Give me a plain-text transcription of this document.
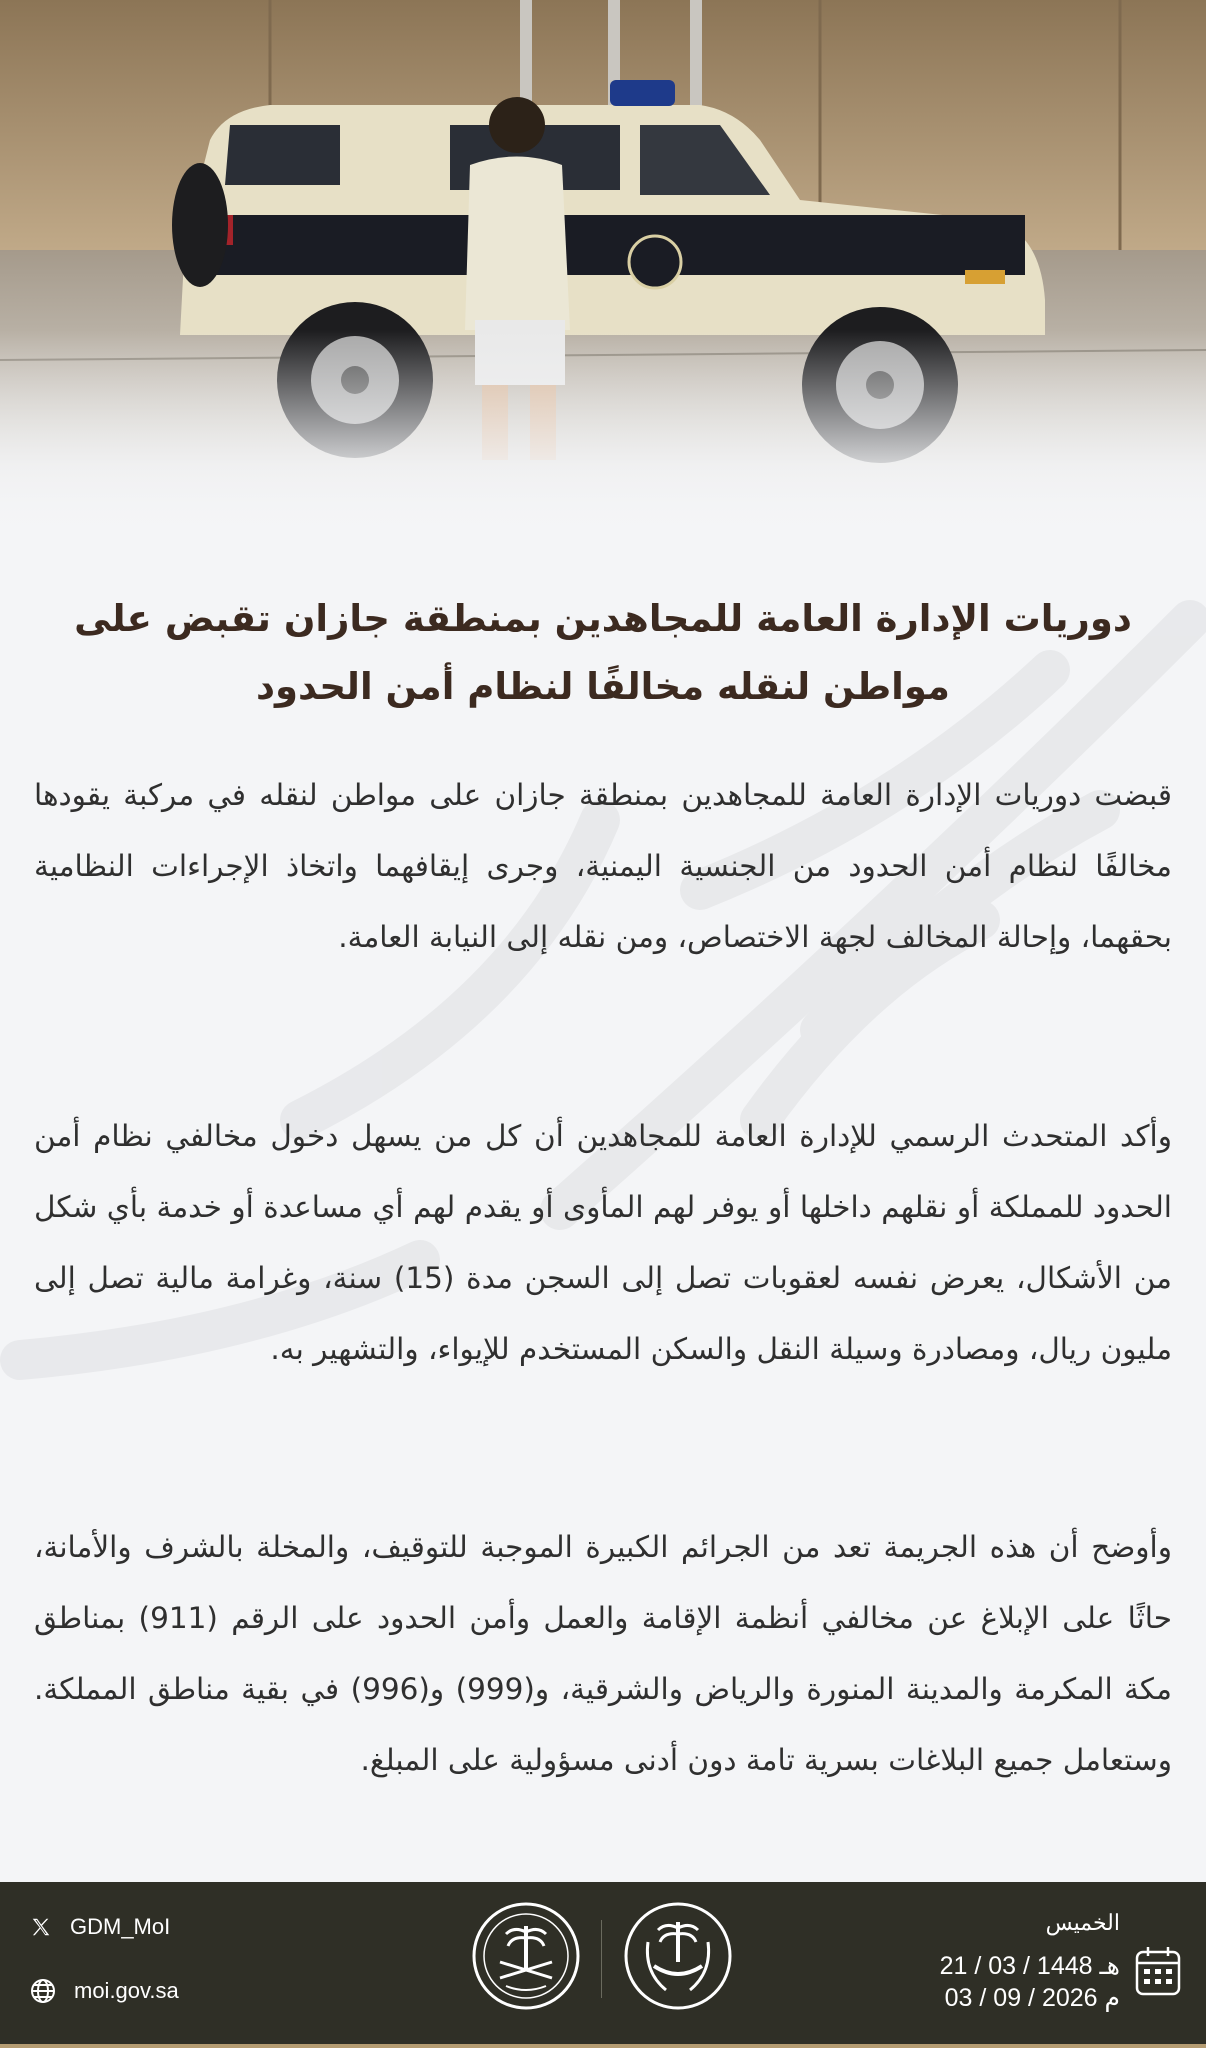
دوريات الإدارة العامة للمجاهدين بمنطقة جازان تقبض على
مواطن لنقله مخالفًا لنظام أمن الحدود

قبضت دوريات الإدارة العامة للمجاهدين بمنطقة جازان على مواطن لنقله في مركبة يقودها مخالفًا لنظام أمن الحدود من الجنسية اليمنية، وجرى إيقافهما واتخاذ الإجراءات النظامية بحقهما، وإحالة المخالف لجهة الاختصاص، ومن نقله إلى النيابة العامة.

وأكد المتحدث الرسمي للإدارة العامة للمجاهدين أن كل من يسهل دخول مخالفي نظام أمن الحدود للمملكة أو نقلهم داخلها أو يوفر لهم المأوى أو يقدم لهم أي مساعدة أو خدمة بأي شكل من الأشكال، يعرض نفسه لعقوبات تصل إلى السجن مدة (15) سنة، وغرامة مالية تصل إلى مليون ريال، ومصادرة وسيلة النقل والسكن المستخدم للإيواء، والتشهير به.

وأوضح أن هذه الجريمة تعد من الجرائم الكبيرة الموجبة للتوقيف، والمخلة بالشرف والأمانة، حاثًا على الإبلاغ عن مخالفي أنظمة الإقامة والعمل وأمن الحدود على الرقم (911) بمناطق مكة المكرمة والمدينة المنورة والرياض والشرقية، و(999) و(996) في بقية مناطق المملكة. وستعامل جميع البلاغات بسرية تامة دون أدنى مسؤولية على المبلغ.

GDM_MoI
moi.gov.sa
الخميس
21 / 03 / 1448 هـ
03 / 09 / 2026 م
